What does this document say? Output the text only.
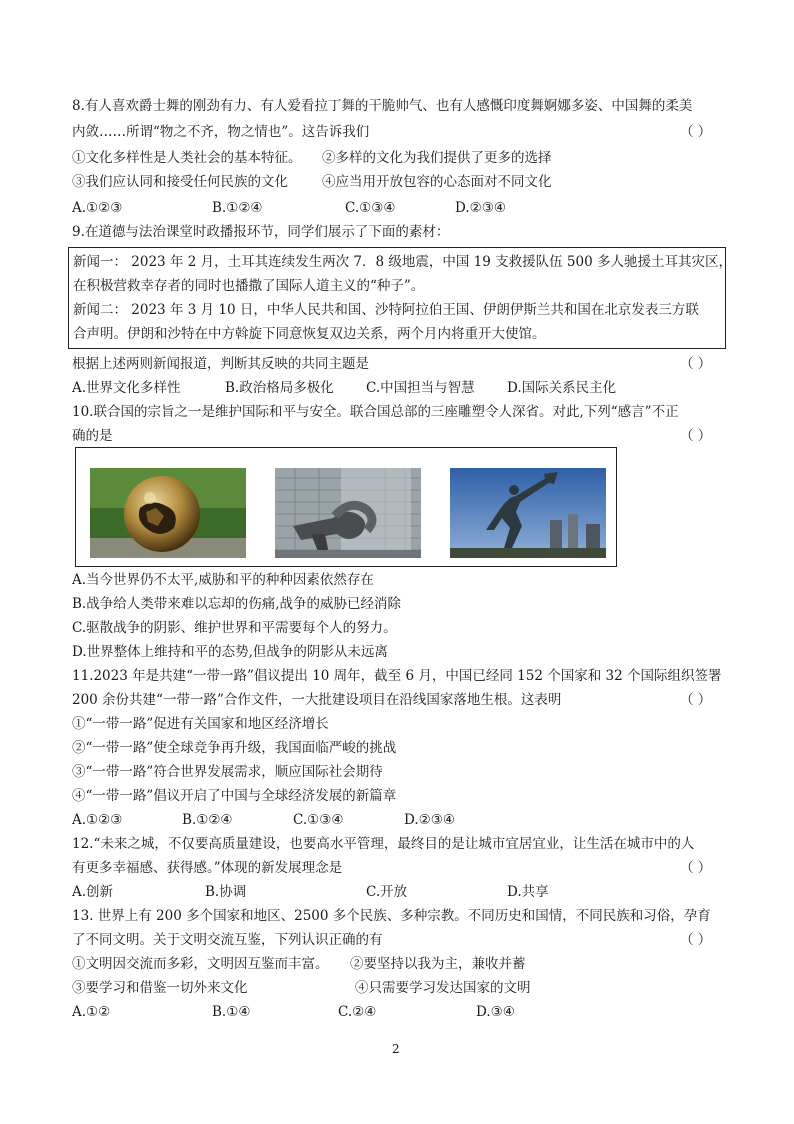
8.有人喜欢爵士舞的刚劲有力、有人爱看拉丁舞的干脆帅气、也有人感慨印度舞婀娜多姿、中国舞的柔美
内敛……所谓“物之不齐，物之情也”。这告诉我们	（ ）
①文化多样性是人类社会的基本特征。 ②多样的文化为我们提供了更多的选择
③我们应认同和接受任何民族的文化	④应当用开放包容的心态面对不同文化
A.①②③	B.①②④	C.①③④	D.②③④
9.在道德与法治课堂时政播报环节，同学们展示了下面的素材：
新闻一： 2023 年 2 月，土耳其连续发生两次 7．8 级地震，中国 19 支救援队伍 500 多人驰援土耳其灾区，
在积极营救幸存者的同时也播撒了国际人道主义的“种子”。
新闻二： 2023 年 3 月 10 日，中华人民共和国、沙特阿拉伯王国、伊朗伊斯兰共和国在北京发表三方联
合声明。伊朗和沙特在中方斡旋下同意恢复双边关系，两个月内将重开大使馆。
根据上述两则新闻报道，判断其反映的共同主题是	（ ）
A.世界文化多样性	B.政治格局多极化 C.中国担当与智慧 D.国际关系民主化
10.联合国的宗旨之一是维护国际和平与安全。联合国总部的三座雕塑令人深省。对此,下列“感言”不正
确的是	（ ）
A.当今世界仍不太平,威胁和平的种种因素依然存在
B.战争给人类带来难以忘却的伤痛,战争的威胁已经消除
C.驱散战争的阴影、维护世界和平需要每个人的努力。
D.世界整体上维持和平的态势,但战争的阴影从未远离
11.2023 年是共建“一带一路”倡议提出 10 周年，截至 6 月，中国已经同 152 个国家和 32 个国际组织签署
200 余份共建“一带一路”合作文件，一大批建设项目在沿线国家落地生根。这表明	（ ）
①“一带一路”促进有关国家和地区经济增长
②“一带一路”使全球竞争再升级，我国面临严峻的挑战
③“一带一路”符合世界发展需求，顺应国际社会期待
④“一带一路”倡议开启了中国与全球经济发展的新篇章
A.①②③	B.①②④	C.①③④	D.②③④
12.“未来之城，不仅要高质量建设，也要高水平管理，最终目的是让城市宜居宜业，让生活在城市中的人
有更多幸福感、获得感。”体现的新发展理念是	（ ）
A.创新	B.协调	C.开放	D.共享
13. 世界上有 200 多个国家和地区、2500 多个民族、多种宗教。不同历史和国情，不同民族和习俗，孕育
了不同文明。关于文明交流互鉴，下列认识正确的有	（ ）
①文明因交流而多彩，文明因互鉴而丰富。 ②要坚持以我为主，兼收并蓄
③要学习和借鉴一切外来文化	④只需要学习发达国家的文明
A.①②	B.①④	C.②④	D.③④
2
